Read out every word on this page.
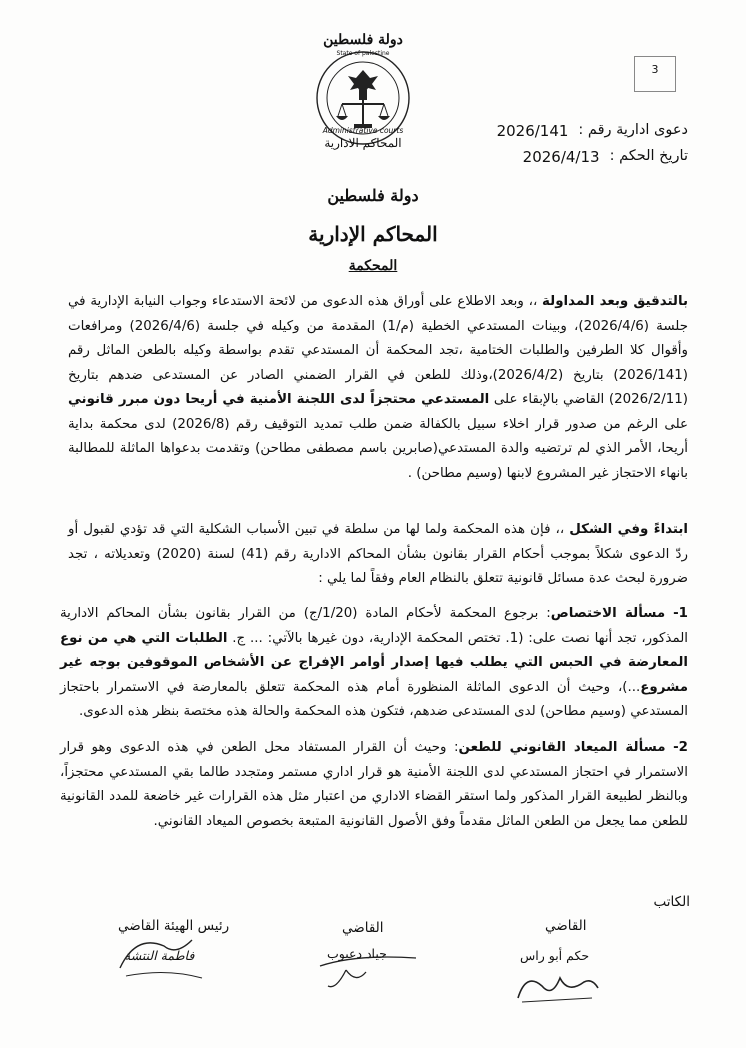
دولة فلسطين
State of palestine
Administrative courts
المحاكم الادارية
3
دعوى ادارية رقم :
2026/141
تاريخ الحكم :
2026/4/13
دولة فلسطين
المحاكم الإدارية
المحكمة

بالتدقيق وبعد المداولة ،، وبعد الاطلاع على أوراق هذه الدعوى من لائحة الاستدعاء وجواب النيابة الإدارية في جلسة (2026/4/6)، وبينات المستدعي الخطية (م/1) المقدمة من وكيله في جلسة (2026/4/6) ومرافعات وأقوال كلا الطرفين والطلبات الختامية ،تجد المحكمة أن المستدعي تقدم بواسطة وكيله بالطعن الماثل رقم (2026/141) بتاريخ (2026/4/2)،وذلك للطعن في القرار الضمني الصادر عن المستدعى ضدهم بتاريخ (2026/2/11) القاضي بالإبقاء على المستدعي محتجزاً لدى اللجنة الأمنية في أريحا دون مبرر قانوني على الرغم من صدور قرار اخلاء سبيل بالكفالة ضمن طلب تمديد التوقيف رقم (2026/8) لدى محكمة بداية أريحا، الأمر الذي لم ترتضيه والدة المستدعي(صابرين باسم مصطفى مطاحن) وتقدمت بدعواها الماثلة للمطالبة بانهاء الاحتجاز غير المشروع لابنها (وسيم مطاحن) .

ابتداءً وفي الشكل ،، فإن هذه المحكمة ولما لها من سلطة في تبين الأسباب الشكلية التي قد تؤدي لقبول أو ردّ الدعوى شكلاً بموجب أحكام القرار بقانون بشأن المحاكم الادارية رقم (41) لسنة (2020) وتعديلاته ، تجد ضرورة لبحث عدة مسائل قانونية تتعلق بالنظام العام وفقاً لما يلي :

1- مسألة الاختصاص: برجوع المحكمة لأحكام المادة (1/20/ج) من القرار بقانون بشأن المحاكم الادارية المذكور، تجد أنها نصت على: (1. تختص المحكمة الإدارية، دون غيرها بالآتي: ... ج. الطلبات التي هي من نوع المعارضة في الحبس التي يطلب فيها إصدار أوامر الإفراج عن الأشخاص الموقوفين بوجه غير مشروع...)، وحيث أن الدعوى الماثلة المنظورة أمام هذه المحكمة تتعلق بالمعارضة في الاستمرار باحتجاز المستدعي (وسيم مطاحن) لدى المستدعى ضدهم، فتكون هذه المحكمة والحالة هذه مختصة بنظر هذه الدعوى.

2- مسألة الميعاد القانوني للطعن: وحيث أن القرار المستفاد محل الطعن في هذه الدعوى وهو قرار الاستمرار في احتجاز المستدعي لدى اللجنة الأمنية هو قرار اداري مستمر ومتجدد طالما بقي المستدعي محتجزاً، وبالنظر لطبيعة القرار المذكور ولما استقر القضاء الاداري من اعتبار مثل هذه القرارات غير خاضعة للمدد القانونية للطعن مما يجعل من الطعن الماثل مقدماً وفق الأصول القانونية المتبعة بخصوص الميعاد القانوني.

الكاتب
القاضي
حكم أبو راس
القاضي
جياد دعبوب
رئيس الهيئة القاضي
فاطمة النتشة
